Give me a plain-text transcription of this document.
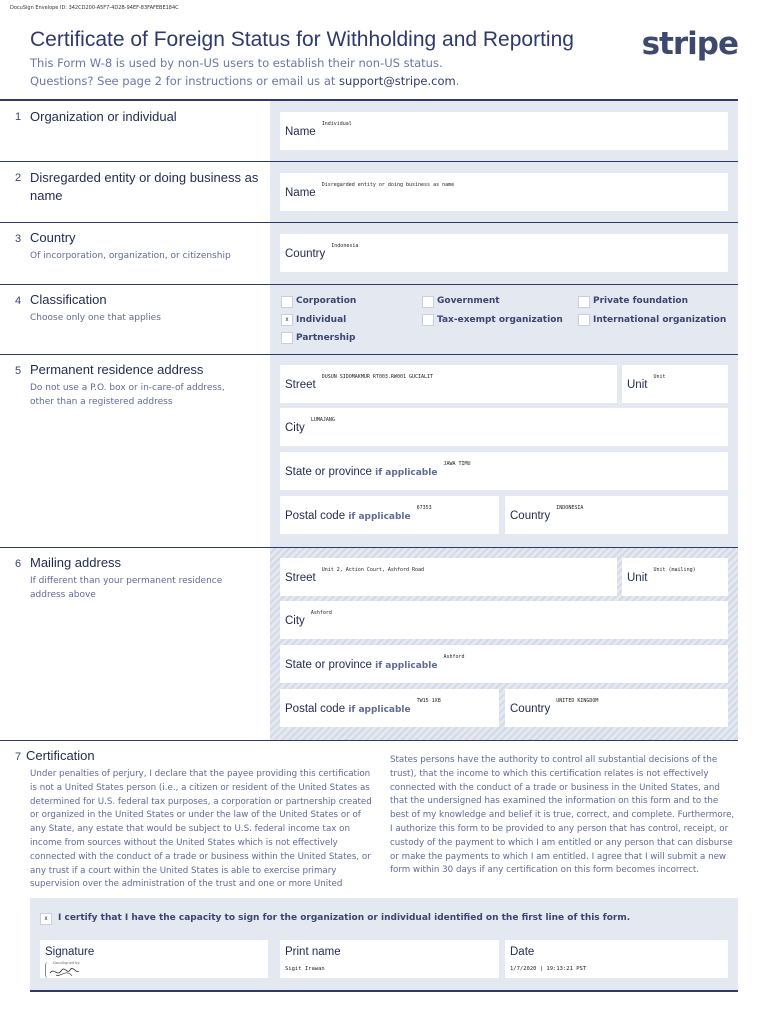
DocuSign Envelope ID: 342CD200-A5F7-4D2B-94EF-83FAFEBE184C
Certificate of Foreign Status for Withholding and Reporting stripe
This Form W-8 is used by non-US users to establish their non-US status.
Questions? See page 2 for instructions or email us at support@stripe.com.
1 Organization or individual
Name$^{Individual}$
2 Disregarded entity or doing business as name	Name$^{Disregarded entity or doing business as name}$
3 Country
Of incorporation, organization, or citizenship	Country$^{Indonesia}$
4 Classification
Choose only one that applies
Corporation	Government	Private foundation
x Individual	Tax-exempt organization	International organization
Partnership
5 Permanent residence address
Do not use a P.O. box or in-care-of address, other than a registered address
Street$^{DUSUN SIDOMAKMUR RT003.RW001 GUCIALIT}$
Unit$^{Unit}$
City$^{LUMAJANG}$
State or province if applicable$^{JAWA TIMU}$
Postal code if applicable$^{67353}$
Country$^{INDONESIA}$
6 Mailing address
If different than your permanent residence address above
Street$^{Unit 2, Action Court, Ashford Road}$
Unit$^{Unit (mailing)}$
City$^{Ashford}$
State or province if applicable$^{Ashford}$
Postal code if applicable$^{TW15 1XB}$
Country$^{UNITED KINGDOM}$
7 Certification
Under penalties of perjury, I declare that the payee providing this certification is not a United States person (i.e., a citizen or resident of the United States as determined for U.S. federal tax purposes, a corporation or partnership created or organized in the United States or under the law of the United States or of any State, any estate that would be subject to U.S. federal income tax on income from sources without the United States which is not effectively connected with the conduct of a trade or business within the United States, or any trust if a court within the United States is able to exercise primary supervision over the administration of the trust and one or more United
States persons have the authority to control all substantial decisions of the trust), that the income to which this certification relates is not effectively connected with the conduct of a trade or business in the United States, and that the undersigned has examined the information on this form and to the best of my knowledge and belief it is true, correct, and complete. Furthermore, I authorize this form to be provided to any person that has control, receipt, or custody of the payment to which I am entitled or any person that can disburse or make the payments to which I am entitled. I agree that I will submit a new form within 30 days if any certification on this form becomes incorrect.
x	I certify that I have the capacity to sign for the organization or individual identified on the first line of this form.
Signature
DocuSigned by:
Print name
Sigit Irawan
Date
1/7/2020 | 19:13:21 PST
